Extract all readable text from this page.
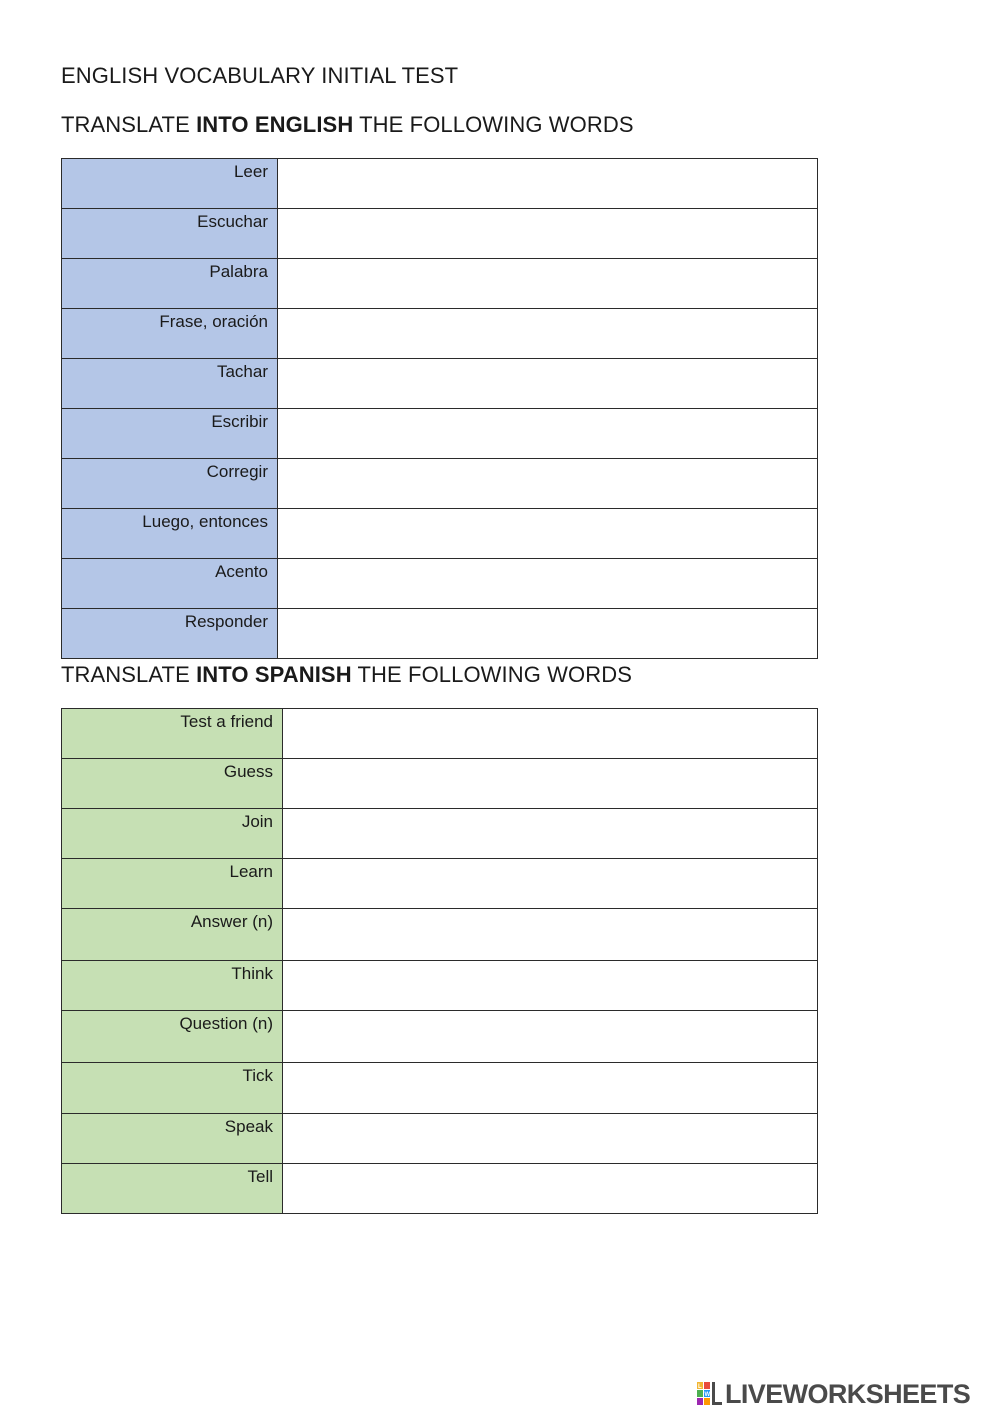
ENGLISH VOCABULARY INITIAL TEST
TRANSLATE INTO ENGLISH THE FOLLOWING WORDS
Leer	
Escuchar	
Palabra	
Frase, oración	
Tachar	
Escribir	
Corregir	
Luego, entonces	
Acento	
Responder	
TRANSLATE INTO SPANISH THE FOLLOWING WORDS
Test a friend	
Guess	
Join	
Learn	
Answer (n)	
Think	
Question (n)	
Tick	
Speak	
Tell	
L
W LIVEWORKSHEETS
